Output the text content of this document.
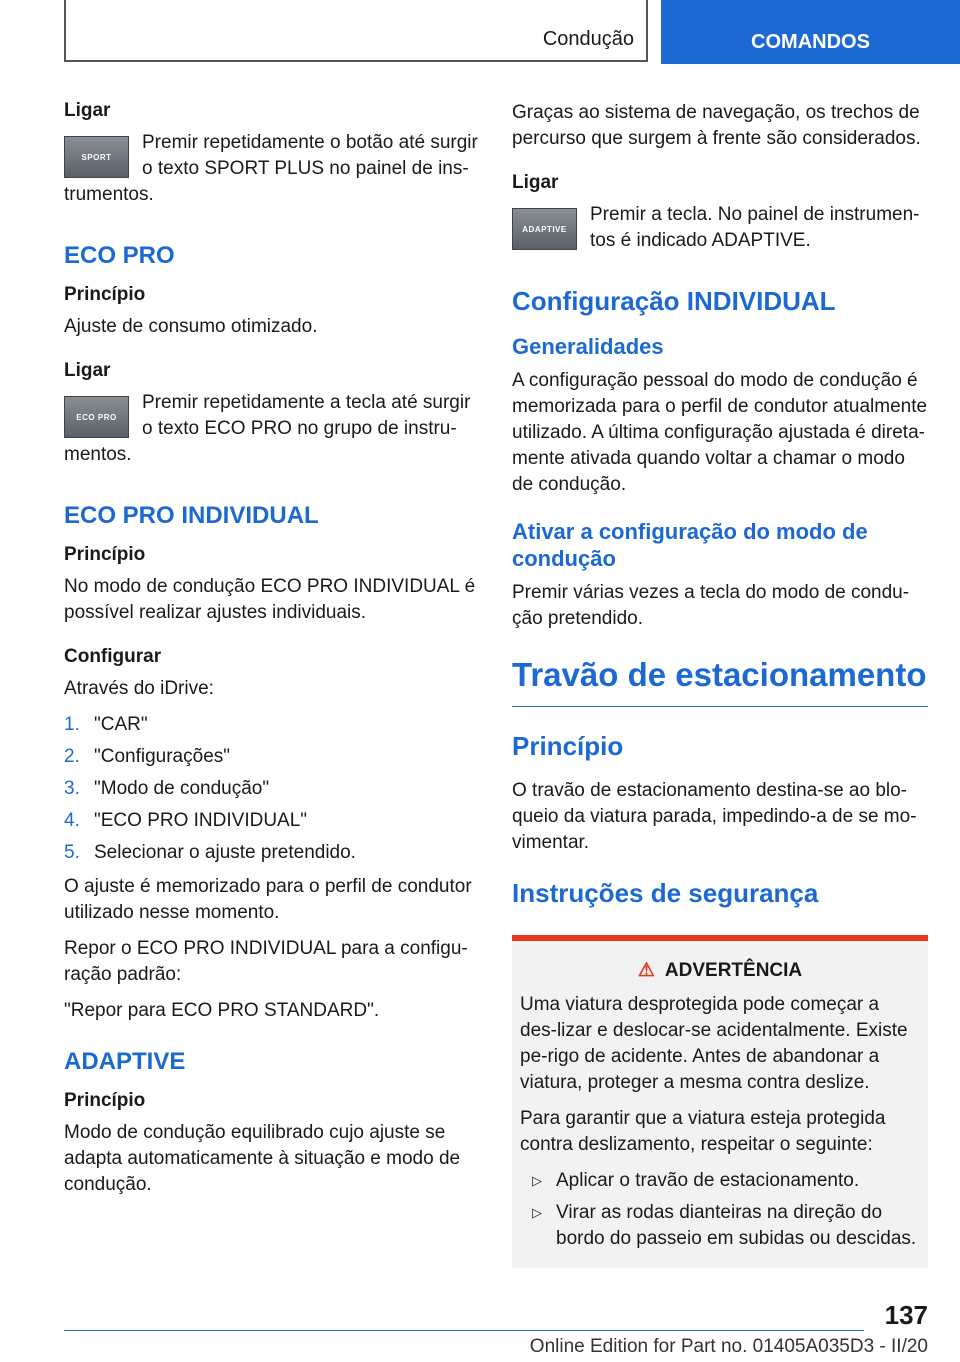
Condução	COMANDOS
Ligar
SPORT

Premir repetidamente o botão até surgir o texto SPORT PLUS no painel de ins-trumentos.

ECO PRO
Princípio

Ajuste de consumo otimizado.

Ligar
ECO PRO

Premir repetidamente a tecla até surgir o texto ECO PRO no grupo de instru-mentos.

ECO PRO INDIVIDUAL
Princípio

No modo de condução ECO PRO INDIVIDUAL é possível realizar ajustes individuais.

Configurar

Através do iDrive:

1. "CAR"
2. "Configurações"
3. "Modo de condução"
4. "ECO PRO INDIVIDUAL"
5. Selecionar o ajuste pretendido.

O ajuste é memorizado para o perfil de condutor utilizado nesse momento.

Repor o ECO PRO INDIVIDUAL para a configu-ração padrão:

"Repor para ECO PRO STANDARD".

ADAPTIVE
Princípio

Modo de condução equilibrado cujo ajuste se adapta automaticamente à situação e modo de condução.

Graças ao sistema de navegação, os trechos de percurso que surgem à frente são considerados.

Ligar
ADAPTIVE

Premir a tecla. No painel de instrumen-tos é indicado ADAPTIVE.

Configuração INDIVIDUAL
Generalidades

A configuração pessoal do modo de condução é memorizada para o perfil de condutor atualmente utilizado. A última configuração ajustada é direta-mente ativada quando voltar a chamar o modo de condução.

Ativar a configuração do modo de condução

Premir várias vezes a tecla do modo de condu-ção pretendido.

Travão de estacionamento
Princípio

O travão de estacionamento destina-se ao blo-queio da viatura parada, impedindo-a de se mo-vimentar.

Instruções de segurança
⚠ ADVERTÊNCIA

Uma viatura desprotegida pode começar a des-lizar e deslocar-se acidentalmente. Existe pe-rigo de acidente. Antes de abandonar a viatura, proteger a mesma contra deslize.

Para garantir que a viatura esteja protegida contra deslizamento, respeitar o seguinte:

▷ Aplicar o travão de estacionamento.
▷ Virar as rodas dianteiras na direção do bordo do passeio em subidas ou descidas.
137
Online Edition for Part no. 01405A035D3 - II/20
